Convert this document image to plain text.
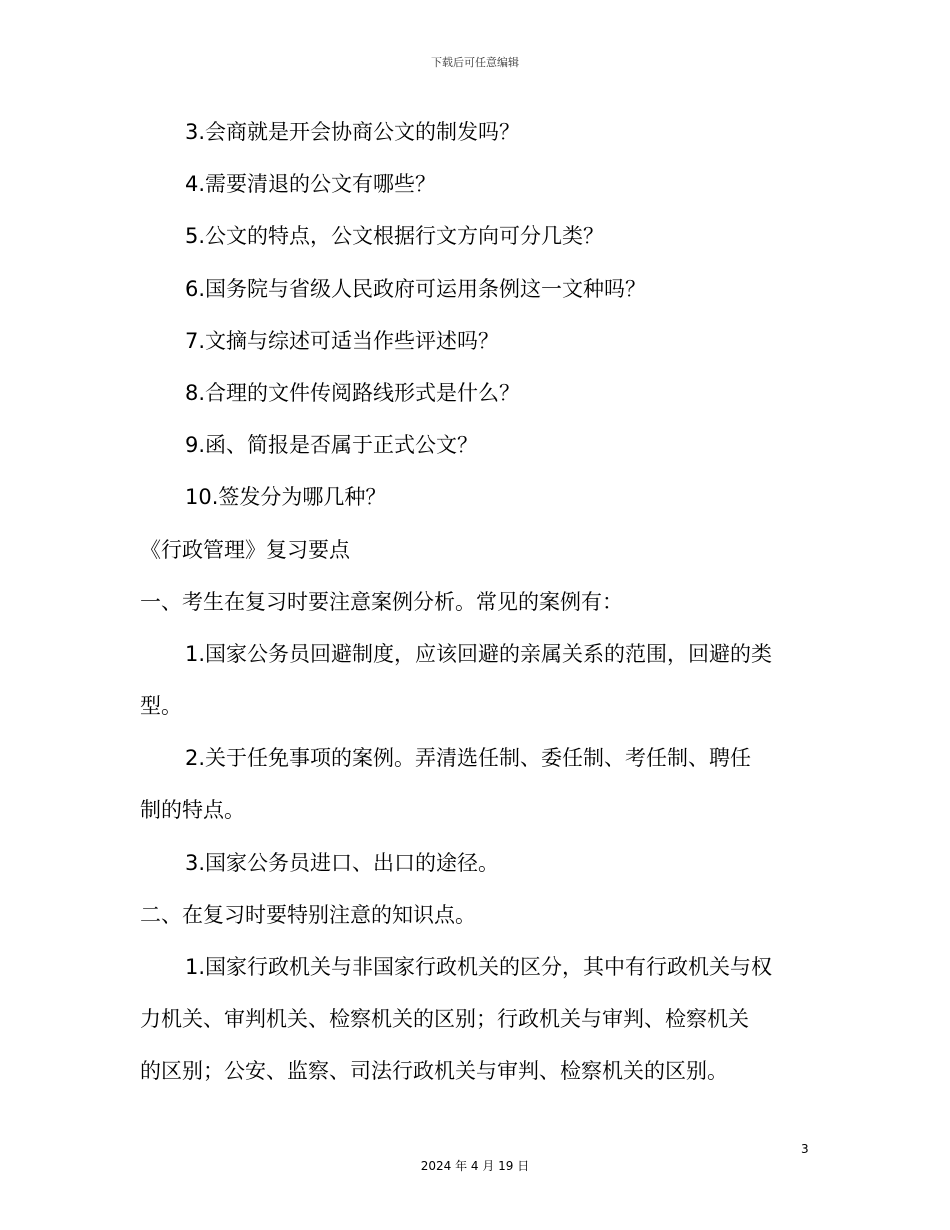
下载后可任意编辑
3.会商就是开会协商公文的制发吗？
4.需要清退的公文有哪些？
5.公文的特点，公文根据行文方向可分几类？
6.国务院与省级人民政府可运用条例这一文种吗？
7.文摘与综述可适当作些评述吗？
8.合理的文件传阅路线形式是什么？
9.函、简报是否属于正式公文？
10.签发分为哪几种？
《行政管理》复习要点
一、考生在复习时要注意案例分析。常见的案例有：
1.国家公务员回避制度，应该回避的亲属关系的范围，回避的类
型。
2.关于任免事项的案例。弄清选任制、委任制、考任制、聘任
制的特点。
3.国家公务员进口、出口的途径。
二、在复习时要特别注意的知识点。
1.国家行政机关与非国家行政机关的区分，其中有行政机关与权
力机关、审判机关、检察机关的区别；行政机关与审判、检察机关
的区别；公安、监察、司法行政机关与审判、检察机关的区别。
3
2024 年 4 月 19 日
